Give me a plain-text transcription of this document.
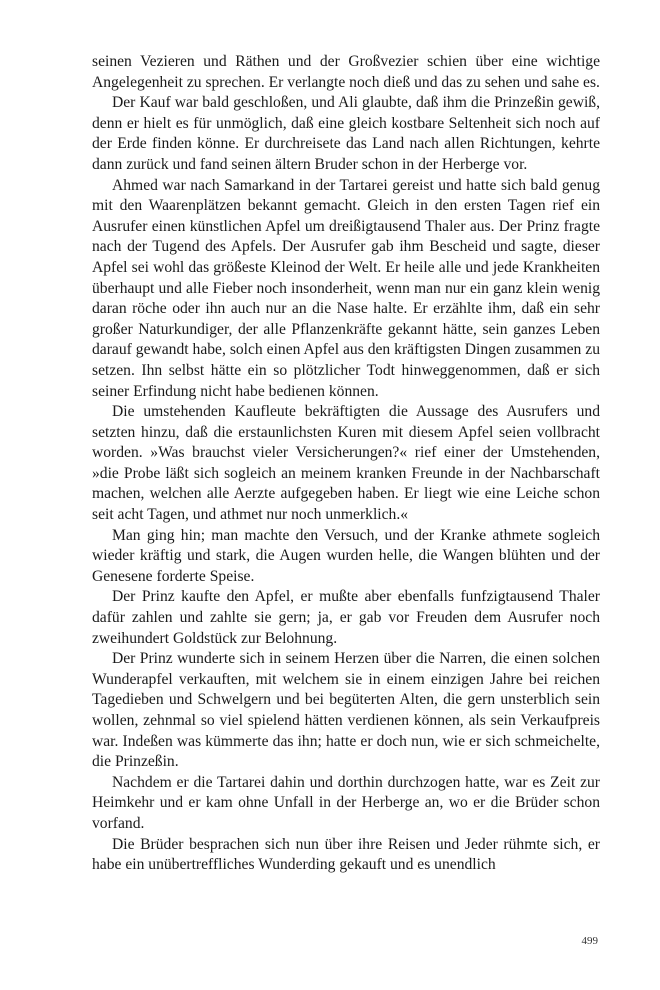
seinen Vezieren und Räthen und der Großvezier schien über eine wichtige Angelegenheit zu sprechen. Er verlangte noch dieß und das zu sehen und sahe es.

Der Kauf war bald geschloßen, und Ali glaubte, daß ihm die Prinzeßin gewiß, denn er hielt es für unmöglich, daß eine gleich kostbare Seltenheit sich noch auf der Erde finden könne. Er durchreisete das Land nach allen Richtungen, kehrte dann zurück und fand seinen ältern Bruder schon in der Herberge vor.

Ahmed war nach Samarkand in der Tartarei gereist und hatte sich bald genug mit den Waarenplätzen bekannt gemacht. Gleich in den ersten Tagen rief ein Ausrufer einen künstlichen Apfel um dreißigtausend Thaler aus. Der Prinz fragte nach der Tugend des Apfels. Der Ausrufer gab ihm Bescheid und sagte, dieser Apfel sei wohl das größeste Kleinod der Welt. Er heile alle und jede Krankheiten überhaupt und alle Fieber noch insonderheit, wenn man nur ein ganz klein wenig daran röche oder ihn auch nur an die Nase halte. Er erzählte ihm, daß ein sehr großer Naturkundiger, der alle Pflanzenkräfte gekannt hätte, sein ganzes Leben darauf gewandt habe, solch einen Apfel aus den kräftigsten Dingen zusammen zu setzen. Ihn selbst hätte ein so plötzlicher Todt hinweggenommen, daß er sich seiner Erfindung nicht habe bedienen können.

Die umstehenden Kaufleute bekräftigten die Aussage des Ausrufers und setzten hinzu, daß die erstaunlichsten Kuren mit diesem Apfel seien vollbracht worden. »Was brauchst vieler Versicherungen?« rief einer der Umstehenden, »die Probe läßt sich sogleich an meinem kranken Freunde in der Nachbarschaft machen, welchen alle Aerzte aufgegeben haben. Er liegt wie eine Leiche schon seit acht Tagen, und athmet nur noch unmerklich.«

Man ging hin; man machte den Versuch, und der Kranke athmete sogleich wieder kräftig und stark, die Augen wurden helle, die Wangen blühten und der Genesene forderte Speise.

Der Prinz kaufte den Apfel, er mußte aber ebenfalls funfzigtausend Thaler dafür zahlen und zahlte sie gern; ja, er gab vor Freuden dem Ausrufer noch zweihundert Goldstück zur Belohnung.

Der Prinz wunderte sich in seinem Herzen über die Narren, die einen solchen Wunderapfel verkauften, mit welchem sie in einem einzigen Jahre bei reichen Tagedieben und Schwelgern und bei begüterten Alten, die gern unsterblich sein wollen, zehnmal so viel spielend hätten verdienen können, als sein Verkaufpreis war. Indeßen was kümmerte das ihn; hatte er doch nun, wie er sich schmeichelte, die Prinzeßin.

Nachdem er die Tartarei dahin und dorthin durchzogen hatte, war es Zeit zur Heimkehr und er kam ohne Unfall in der Herberge an, wo er die Brüder schon vorfand.

Die Brüder besprachen sich nun über ihre Reisen und Jeder rühmte sich, er habe ein unübertreffliches Wunderding gekauft und es unendlich

499
